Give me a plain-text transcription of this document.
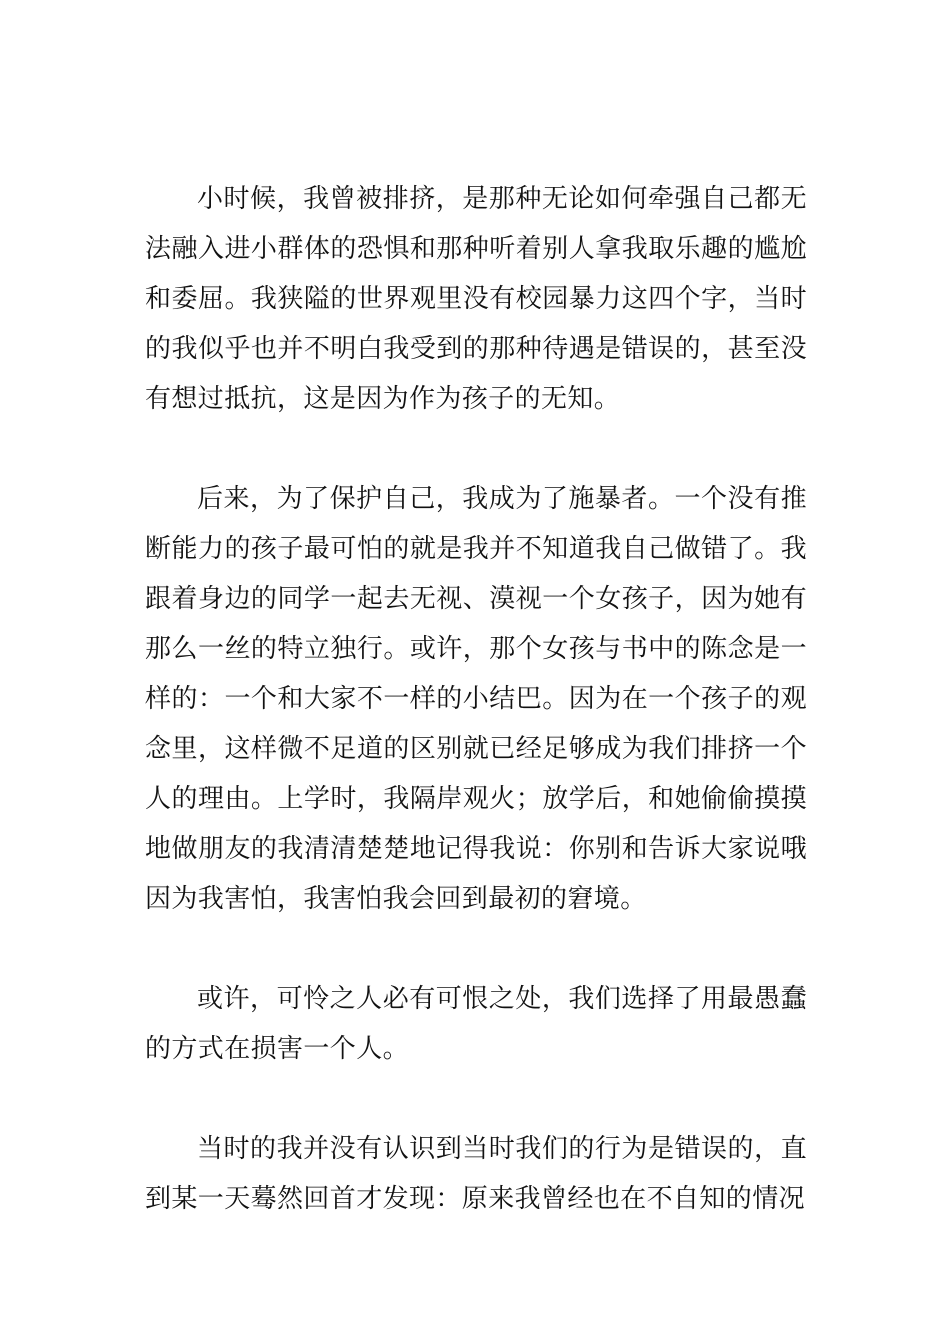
小时候，我曾被排挤，是那种无论如何牵强自己都无法融入进小群体的恐惧和那种听着别人拿我取乐趣的尴尬和委屈。我狭隘的世界观里没有校园暴力这四个字，当时的我似乎也并不明白我受到的那种待遇是错误的，甚至没有想过抵抗，这是因为作为孩子的无知。

后来，为了保护自己，我成为了施暴者。一个没有推断能力的孩子最可怕的就是我并不知道我自己做错了。我跟着身边的同学一起去无视、漠视一个女孩子，因为她有那么一丝的特立独行。或许，那个女孩与书中的陈念是一样的：一个和大家不一样的小结巴。因为在一个孩子的观念里，这样微不足道的区别就已经足够成为我们排挤一个人的理由。上学时，我隔岸观火；放学后，和她偷偷摸摸地做朋友的我清清楚楚地记得我说：你别和告诉大家说哦因为我害怕，我害怕我会回到最初的窘境。

或许，可怜之人必有可恨之处，我们选择了用最愚蠢的方式在损害一个人。

当时的我并没有认识到当时我们的行为是错误的，直到某一天蓦然回首才发现：原来我曾经也在不自知的情况
